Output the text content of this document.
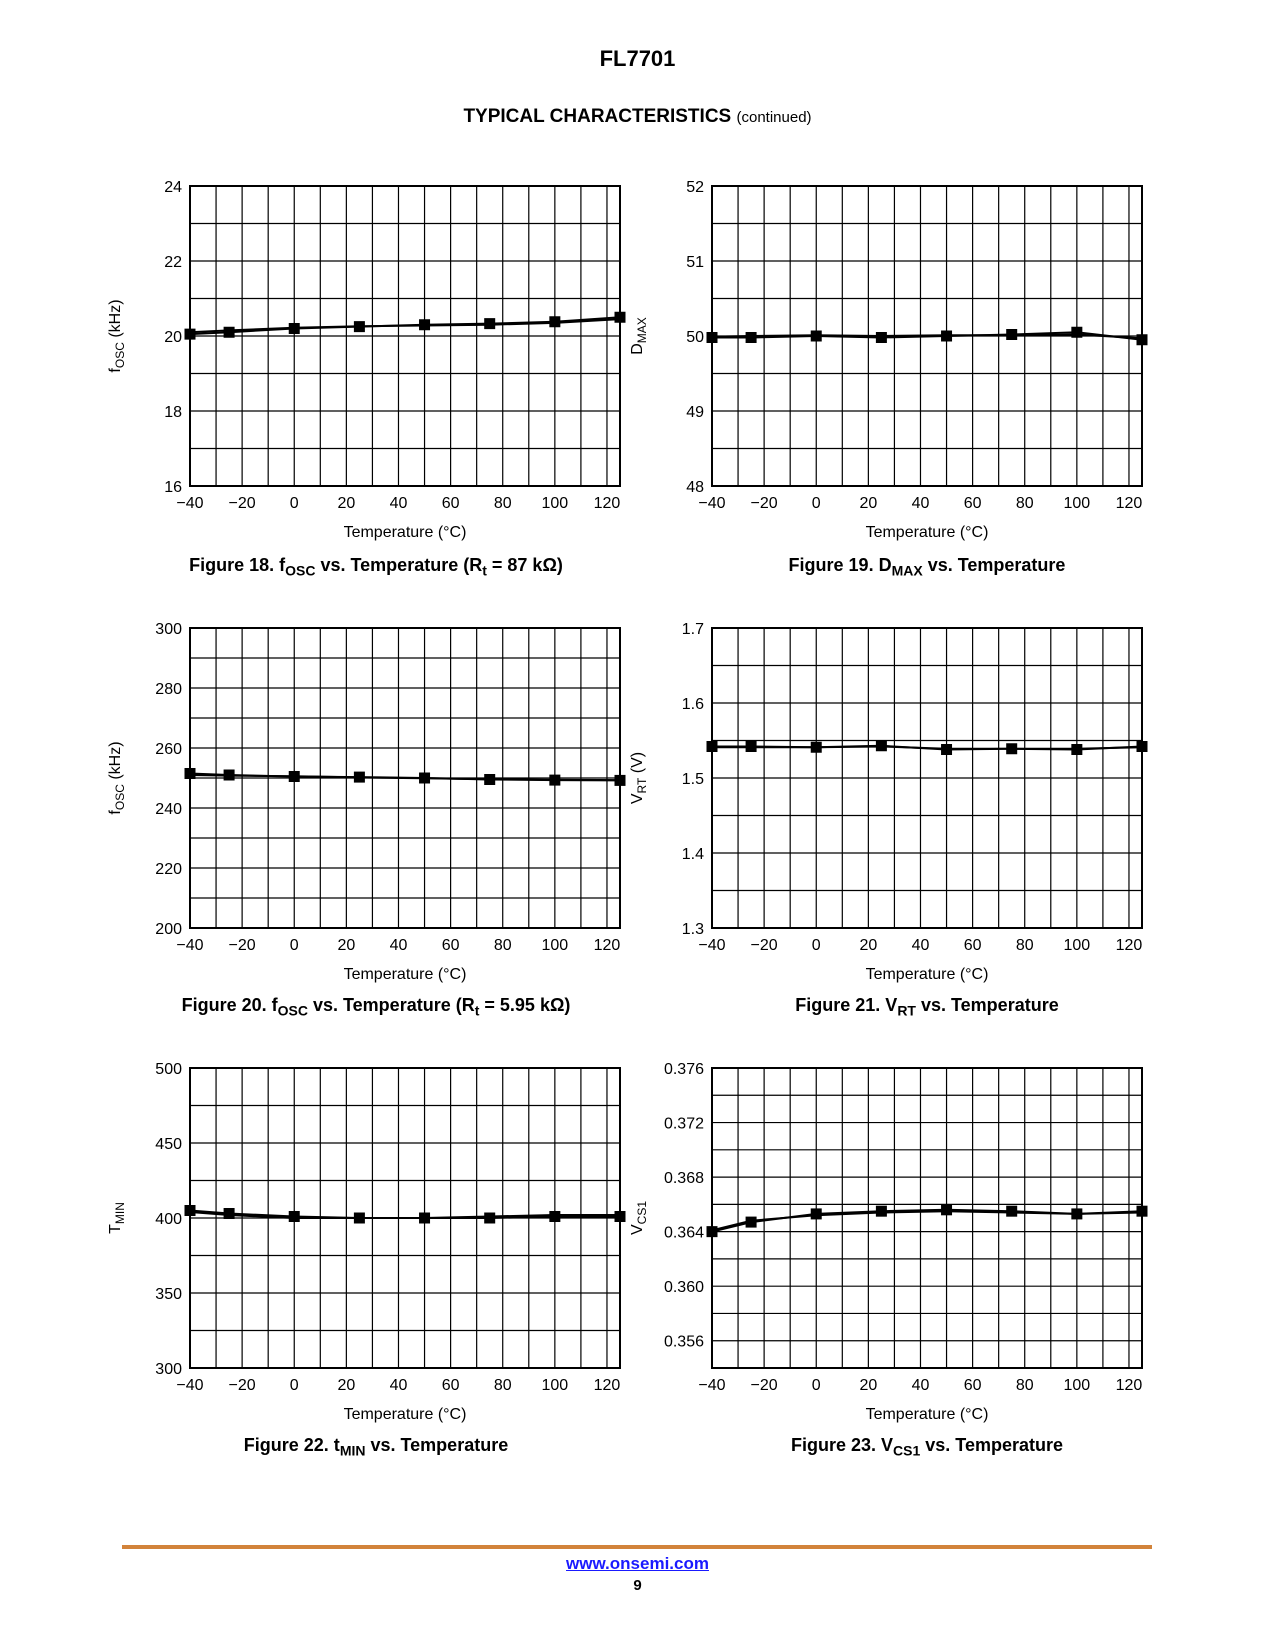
FL7701
TYPICAL CHARACTERISTICS (continued)
−40 −20 0 20 40 60 80 100 120
16
18
20
22
24
Temperature (°C)
$f_{OSC}$ (kHz)
Figure 18. $f_{OSC}$ vs. Temperature ($R_t = 87$ kΩ)
−40 −20 0 20 40 60 80 100 120
48
49
50
51
52
Temperature (°C)
$D_{MAX}$
Figure 19. $D_{MAX}$ vs. Temperature
−40 −20 0 20 40 60 80 100 120
200
220
240
260
280
300
Temperature (°C)
$f_{OSC}$ (kHz)
Figure 20. $f_{OSC}$ vs. Temperature ($R_t = 5.95$ kΩ)
−40 −20 0 20 40 60 80 100 120
1.3
1.4
1.5
1.6
1.7
Temperature (°C)
$V_{RT}$ (V)
Figure 21. $V_{RT}$ vs. Temperature
−40 −20 0 20 40 60 80 100 120
300
350
400
450
500
Temperature (°C)
$T_{MIN}$
Figure 22. $t_{MIN}$ vs. Temperature
−40 −20 0 20 40 60 80 100 120
0.356
0.360
0.364
0.368
0.372
0.376
Temperature (°C)
$V_{CS1}$
Figure 23. $V_{CS1}$ vs. Temperature
www.onsemi.com
9
